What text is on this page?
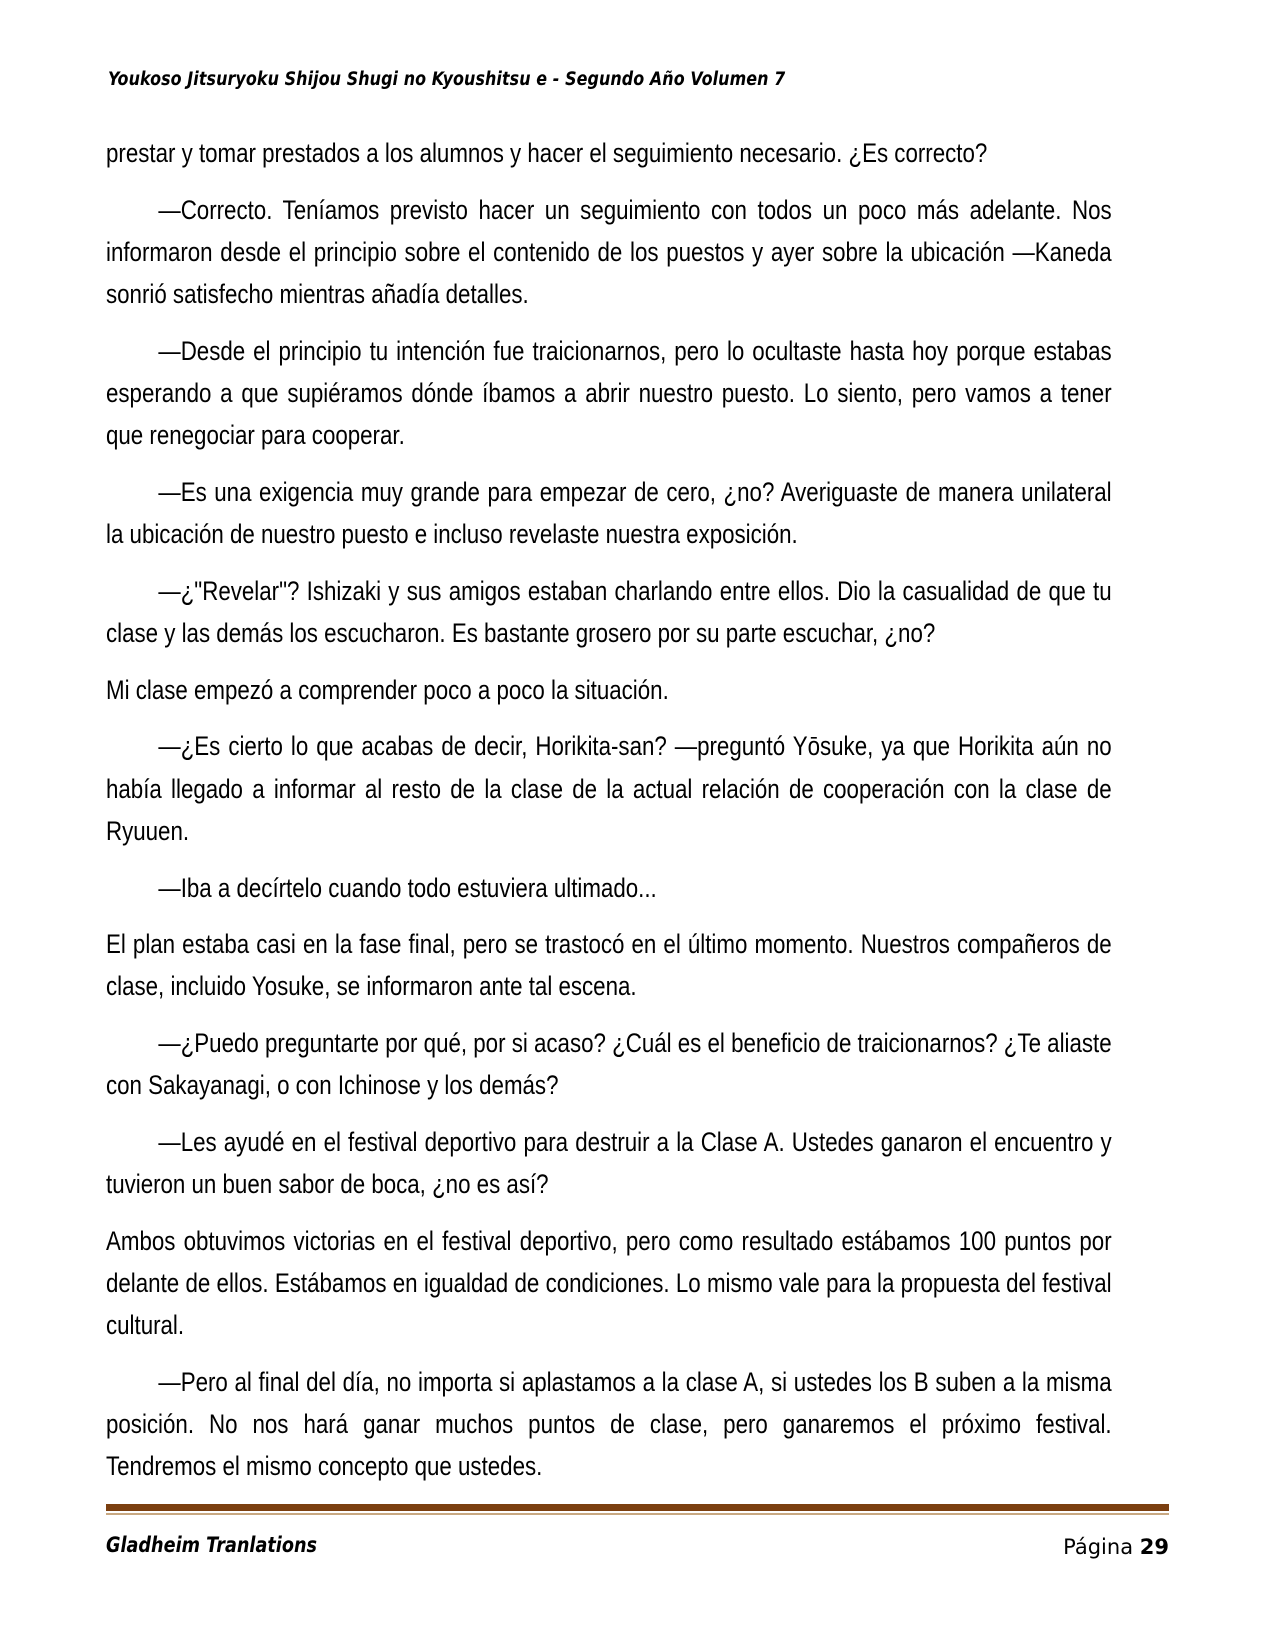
Youkoso Jitsuryoku Shijou Shugi no Kyoushitsu e - Segundo Año Volumen 7

prestar y tomar prestados a los alumnos y hacer el seguimiento necesario. ¿Es correcto?

—Correcto. Teníamos previsto hacer un seguimiento con todos un poco más adelante. Nos informaron desde el principio sobre el contenido de los puestos y ayer sobre la ubicación —Kaneda sonrió satisfecho mientras añadía detalles.

—Desde el principio tu intención fue traicionarnos, pero lo ocultaste hasta hoy porque estabas esperando a que supiéramos dónde íbamos a abrir nuestro puesto. Lo siento, pero vamos a tener que renegociar para cooperar.

—Es una exigencia muy grande para empezar de cero, ¿no? Averiguaste de manera unilateral la ubicación de nuestro puesto e incluso revelaste nuestra exposición.

—¿"Revelar"? Ishizaki y sus amigos estaban charlando entre ellos. Dio la casualidad de que tu clase y las demás los escucharon. Es bastante grosero por su parte escuchar, ¿no?

Mi clase empezó a comprender poco a poco la situación.

—¿Es cierto lo que acabas de decir, Horikita-san? —preguntó Yōsuke, ya que Horikita aún no había llegado a informar al resto de la clase de la actual relación de cooperación con la clase de Ryuuen.

—Iba a decírtelo cuando todo estuviera ultimado...

El plan estaba casi en la fase final, pero se trastocó en el último momento. Nuestros compañeros de clase, incluido Yosuke, se informaron ante tal escena.

—¿Puedo preguntarte por qué, por si acaso? ¿Cuál es el beneficio de traicionarnos? ¿Te aliaste con Sakayanagi, o con Ichinose y los demás?

—Les ayudé en el festival deportivo para destruir a la Clase A. Ustedes ganaron el encuentro y tuvieron un buen sabor de boca, ¿no es así?

Ambos obtuvimos victorias en el festival deportivo, pero como resultado estábamos 100 puntos por delante de ellos. Estábamos en igualdad de condiciones. Lo mismo vale para la propuesta del festival cultural.

—Pero al final del día, no importa si aplastamos a la clase A, si ustedes los B suben a la misma posición. No nos hará ganar muchos puntos de clase, pero ganaremos el próximo festival. Tendremos el mismo concepto que ustedes.

Gladheim Tranlations	Página 29
